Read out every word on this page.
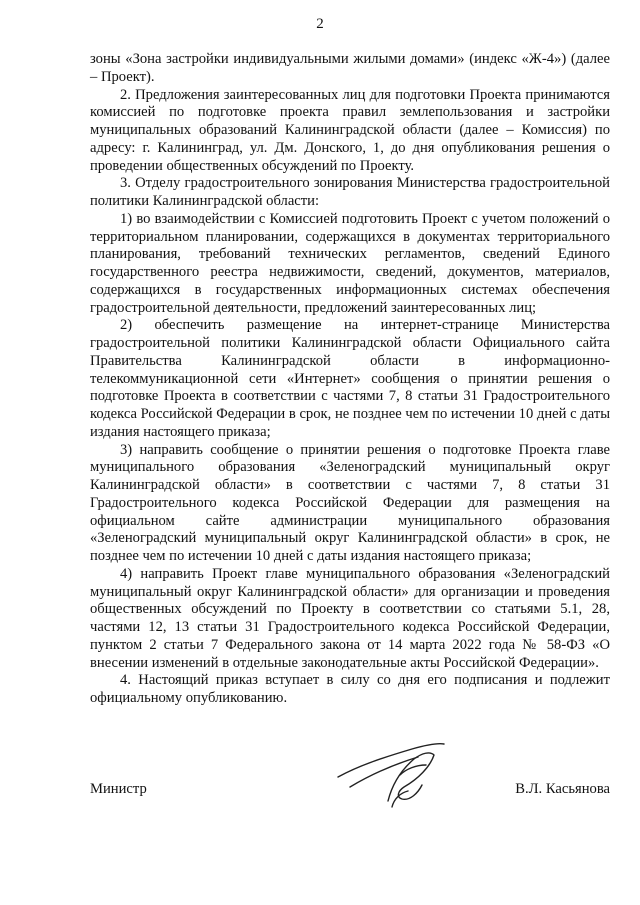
2

зоны «Зона застройки индивидуальными жилыми домами» (индекс «Ж-4») (далее – Проект).

2. Предложения заинтересованных лиц для подготовки Проекта принимаются комиссией по подготовке проекта правил землепользования и застройки муниципальных образований Калининградской области (далее – Комиссия) по адресу: г. Калининград, ул. Дм. Донского, 1, до дня опубликования решения о проведении общественных обсуждений по Проекту.

3. Отделу градостроительного зонирования Министерства градостроительной политики Калининградской области:

1) во взаимодействии с Комиссией подготовить Проект с учетом положений о территориальном планировании, содержащихся в документах территориального планирования, требований технических регламентов, сведений Единого государственного реестра недвижимости, сведений, документов, материалов, содержащихся в государственных информационных системах обеспечения градостроительной деятельности, предложений заинтересованных лиц;

2) обеспечить размещение на интернет-странице Министерства градостроительной политики Калининградской области Официального сайта Правительства Калининградской области в информационно-телекоммуникационной сети «Интернет» сообщения о принятии решения о подготовке Проекта в соответствии с частями 7, 8 статьи 31 Градостроительного кодекса Российской Федерации в срок, не позднее чем по истечении 10 дней с даты издания настоящего приказа;

3) направить сообщение о принятии решения о подготовке Проекта главе муниципального образования «Зеленоградский муниципальный округ Калининградской области» в соответствии с частями 7, 8 статьи 31 Градостроительного кодекса Российской Федерации для размещения на официальном сайте администрации муниципального образования «Зеленоградский муниципальный округ Калининградской области» в срок, не позднее чем по истечении 10 дней с даты издания настоящего приказа;

4) направить Проект главе муниципального образования «Зеленоградский муниципальный округ Калининградской области» для организации и проведения общественных обсуждений по Проекту в соответствии со статьями 5.1, 28, частями 12, 13 статьи 31 Градостроительного кодекса Российской Федерации, пунктом 2 статьи 7 Федерального закона от 14 марта 2022 года № 58-ФЗ «О внесении изменений в отдельные законодательные акты Российской Федерации».

4. Настоящий приказ вступает в силу со дня его подписания и подлежит официальному опубликованию.

Министр	В.Л. Касьянова
